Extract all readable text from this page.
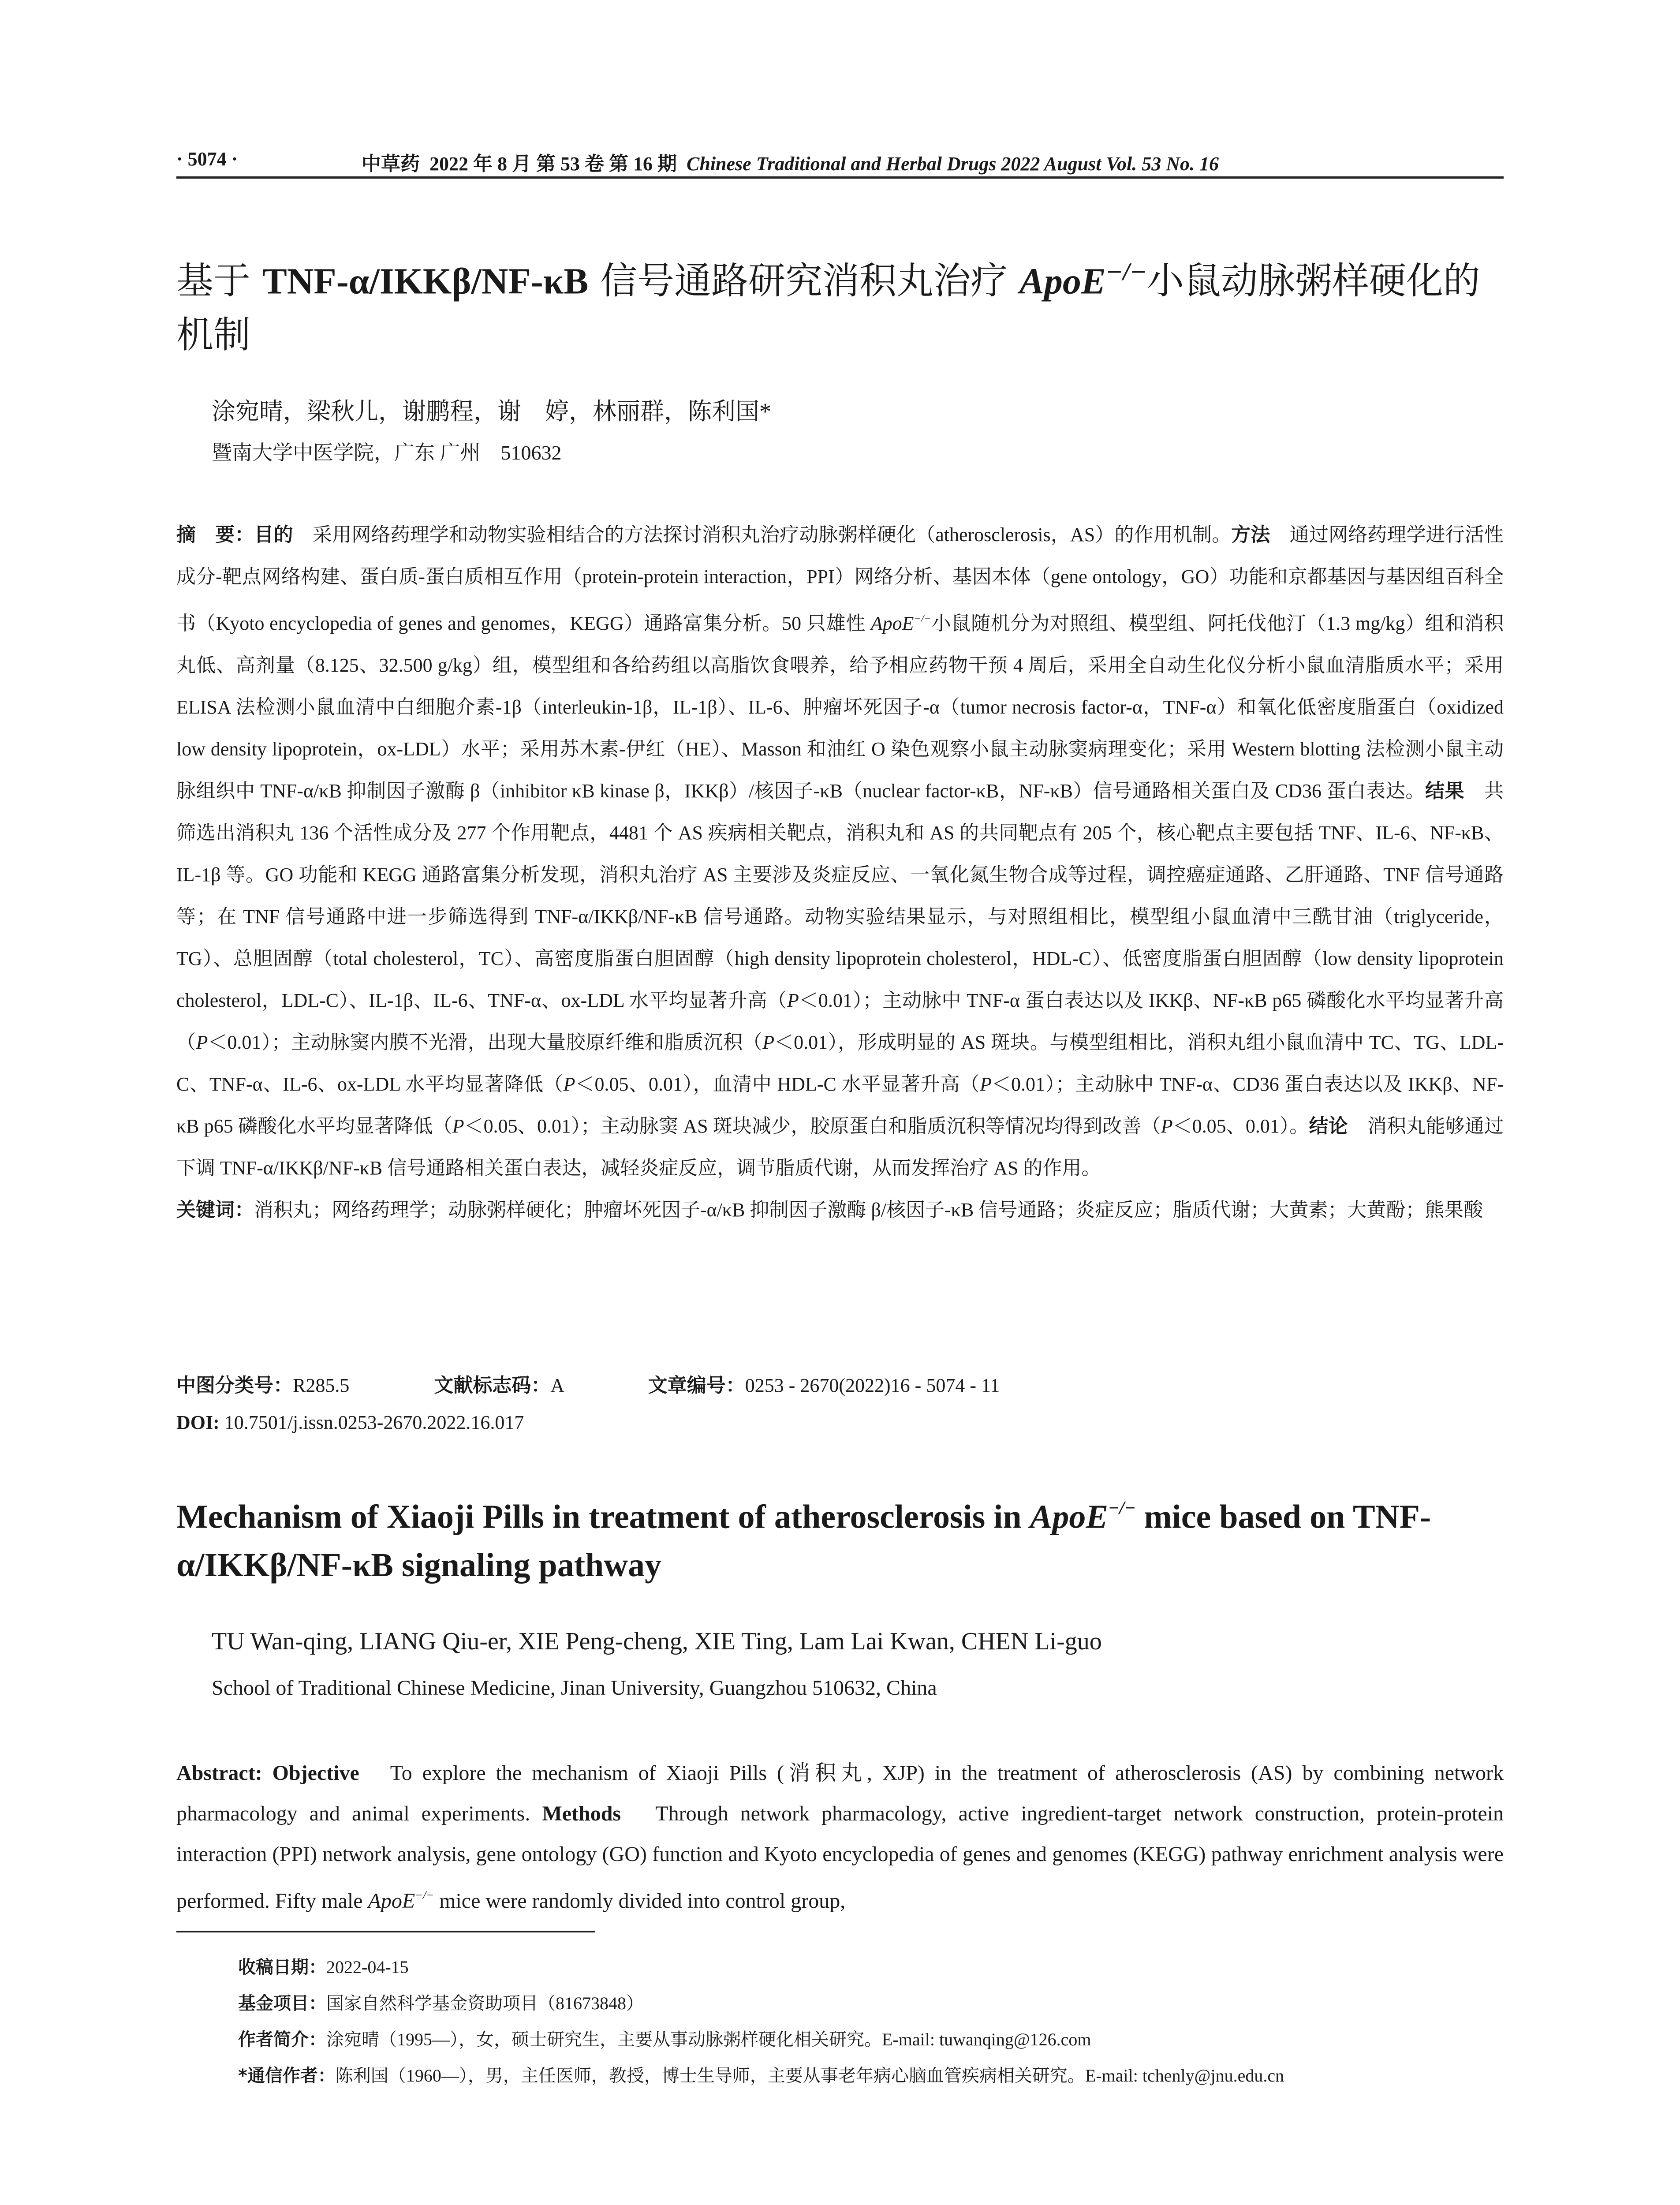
· 5074 ·	中草药 2022 年 8 月 第 53 卷 第 16 期 Chinese Traditional and Herbal Drugs 2022 August Vol. 53 No. 16
基于 TNF-α/IKKβ/NF-κB 信号通路研究消积丸治疗 ApoE−/−小鼠动脉粥样硬化的机制
涂宛晴，梁秋儿，谢鹏程，谢　婷，林丽群，陈利国*
暨南大学中医学院，广东 广州　510632
摘　要：目的　采用网络药理学和动物实验相结合的方法探讨消积丸治疗动脉粥样硬化（atherosclerosis，AS）的作用机制。方法　通过网络药理学进行活性成分-靶点网络构建、蛋白质-蛋白质相互作用（protein-protein interaction，PPI）网络分析、基因本体（gene ontology，GO）功能和京都基因与基因组百科全书（Kyoto encyclopedia of genes and genomes，KEGG）通路富集分析。50 只雄性 ApoE−/−小鼠随机分为对照组、模型组、阿托伐他汀（1.3 mg/kg）组和消积丸低、高剂量（8.125、32.500 g/kg）组，模型组和各给药组以高脂饮食喂养，给予相应药物干预 4 周后，采用全自动生化仪分析小鼠血清脂质水平；采用 ELISA 法检测小鼠血清中白细胞介素-1β（interleukin-1β，IL-1β）、IL-6、肿瘤坏死因子-α（tumor necrosis factor-α，TNF-α）和氧化低密度脂蛋白（oxidized low density lipoprotein，ox-LDL）水平；采用苏木素-伊红（HE）、Masson 和油红 O 染色观察小鼠主动脉窦病理变化；采用 Western blotting 法检测小鼠主动脉组织中 TNF-α/κB 抑制因子激酶 β（inhibitor κB kinase β，IKKβ）/核因子-κB（nuclear factor-κB，NF-κB）信号通路相关蛋白及 CD36 蛋白表达。结果　共筛选出消积丸 136 个活性成分及 277 个作用靶点，4481 个 AS 疾病相关靶点，消积丸和 AS 的共同靶点有 205 个，核心靶点主要包括 TNF、IL-6、NF-κB、IL-1β 等。GO 功能和 KEGG 通路富集分析发现，消积丸治疗 AS 主要涉及炎症反应、一氧化氮生物合成等过程，调控癌症通路、乙肝通路、TNF 信号通路等；在 TNF 信号通路中进一步筛选得到 TNF-α/IKKβ/NF-κB 信号通路。动物实验结果显示，与对照组相比，模型组小鼠血清中三酰甘油（triglyceride，TG）、总胆固醇（total cholesterol，TC）、高密度脂蛋白胆固醇（high density lipoprotein cholesterol，HDL-C）、低密度脂蛋白胆固醇（low density lipoprotein cholesterol，LDL-C）、IL-1β、IL-6、TNF-α、ox-LDL 水平均显著升高（P＜0.01）；主动脉中 TNF-α 蛋白表达以及 IKKβ、NF-κB p65 磷酸化水平均显著升高（P＜0.01）；主动脉窦内膜不光滑，出现大量胶原纤维和脂质沉积（P＜0.01），形成明显的 AS 斑块。与模型组相比，消积丸组小鼠血清中 TC、TG、LDL-C、TNF-α、IL-6、ox-LDL 水平均显著降低（P＜0.05、0.01），血清中 HDL-C 水平显著升高（P＜0.01）；主动脉中 TNF-α、CD36 蛋白表达以及 IKKβ、NF-κB p65 磷酸化水平均显著降低（P＜0.05、0.01）；主动脉窦 AS 斑块减少，胶原蛋白和脂质沉积等情况均得到改善（P＜0.05、0.01）。结论　消积丸能够通过下调 TNF-α/IKKβ/NF-κB 信号通路相关蛋白表达，减轻炎症反应，调节脂质代谢，从而发挥治疗 AS 的作用。
关键词：消积丸；网络药理学；动脉粥样硬化；肿瘤坏死因子-α/κB 抑制因子激酶 β/核因子-κB 信号通路；炎症反应；脂质代谢；大黄素；大黄酚；熊果酸
中图分类号：R285.5	文献标志码：A	文章编号：0253 - 2670(2022)16 - 5074 - 11
DOI: 10.7501/j.issn.0253-2670.2022.16.017
Mechanism of Xiaoji Pills in treatment of atherosclerosis in ApoE−/− mice based on TNF-α/IKKβ/NF-κB signaling pathway
TU Wan-qing, LIANG Qiu-er, XIE Peng-cheng, XIE Ting, Lam Lai Kwan, CHEN Li-guo
School of Traditional Chinese Medicine, Jinan University, Guangzhou 510632, China
Abstract: Objective　To explore the mechanism of Xiaoji Pills (消积丸, XJP) in the treatment of atherosclerosis (AS) by combining network pharmacology and animal experiments. Methods　Through network pharmacology, active ingredient-target network construction, protein-protein interaction (PPI) network analysis, gene ontology (GO) function and Kyoto encyclopedia of genes and genomes (KEGG) pathway enrichment analysis were performed. Fifty male ApoE−/− mice were randomly divided into control group,
收稿日期：2022-04-15
基金项目：国家自然科学基金资助项目（81673848）
作者简介：涂宛晴（1995—），女，硕士研究生，主要从事动脉粥样硬化相关研究。E-mail: tuwanqing@126.com
*通信作者：陈利国（1960—），男，主任医师，教授，博士生导师，主要从事老年病心脑血管疾病相关研究。E-mail: tchenly@jnu.edu.cn
